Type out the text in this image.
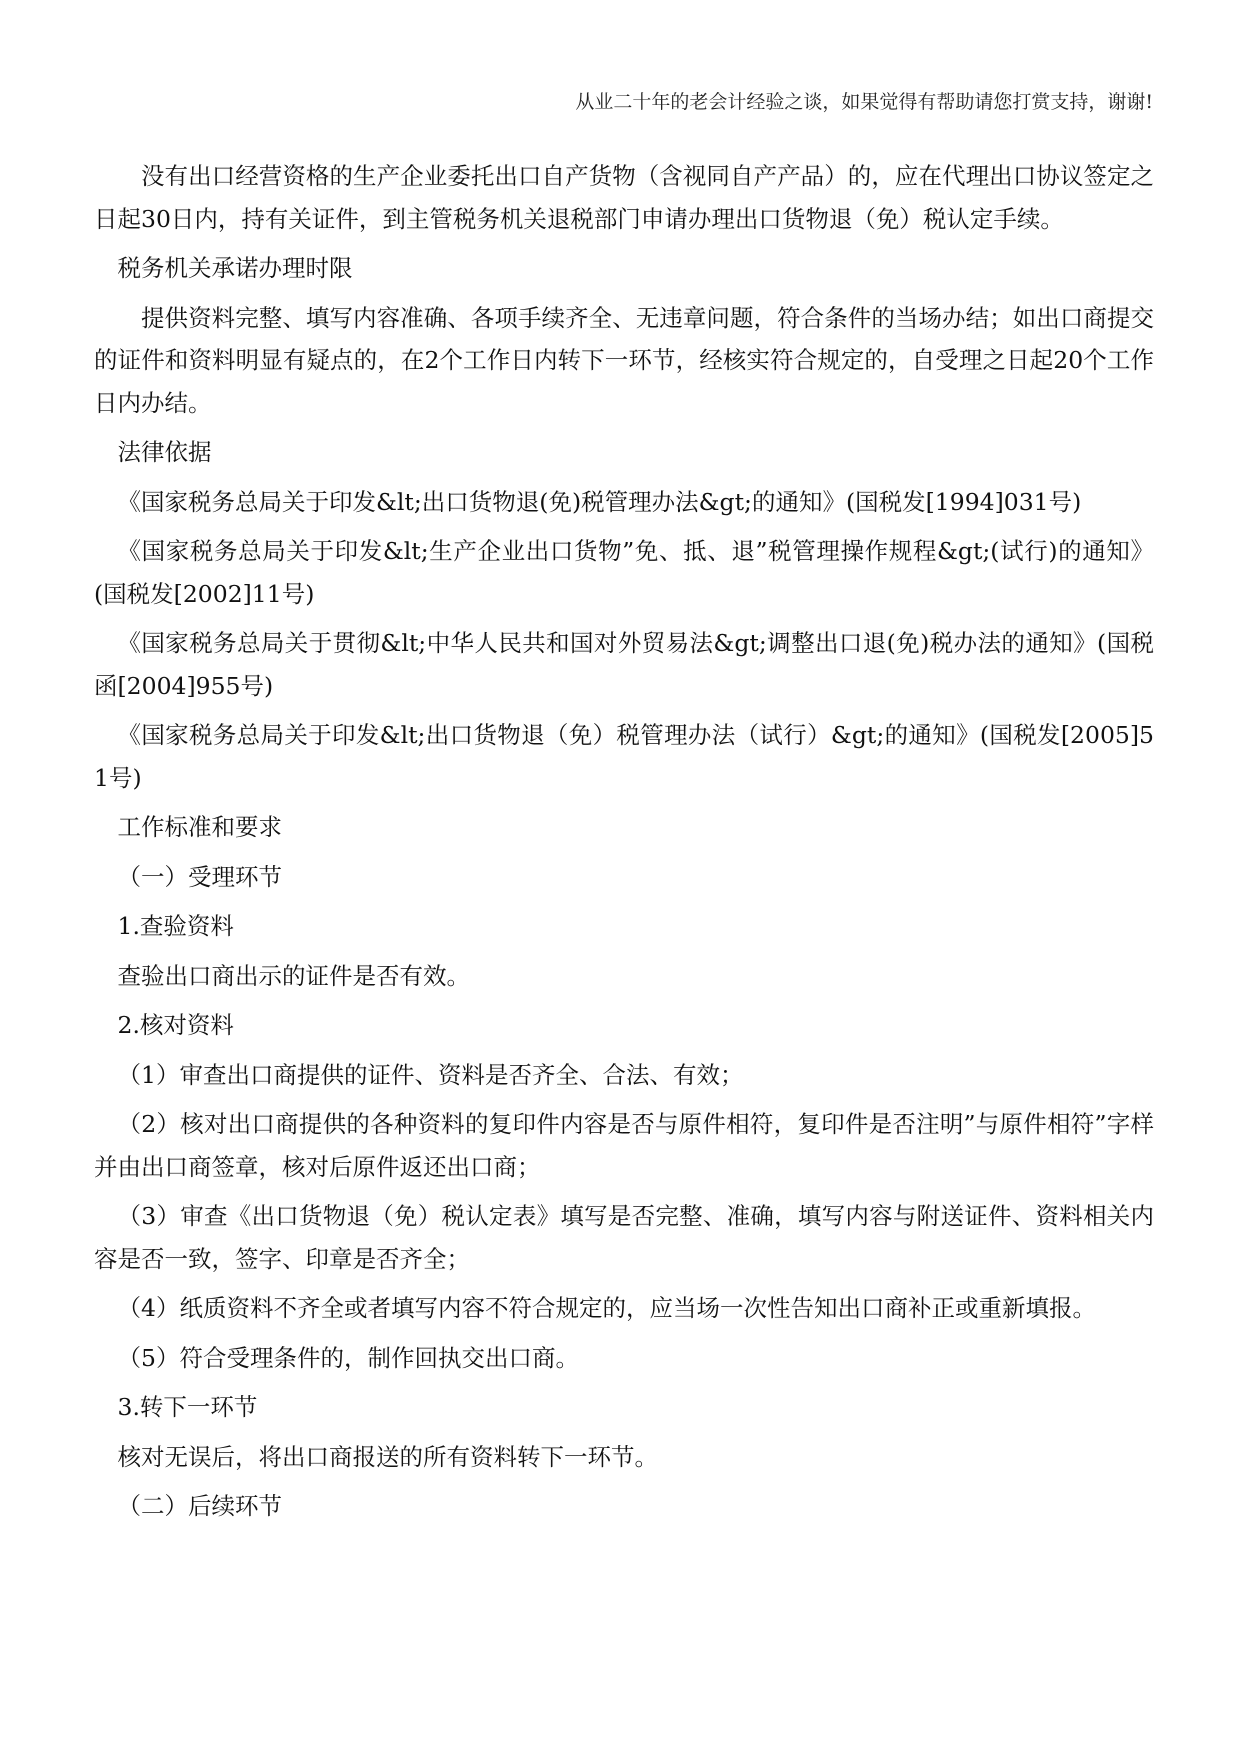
从业二十年的老会计经验之谈，如果觉得有帮助请您打赏支持，谢谢!

没有出口经营资格的生产企业委托出口自产货物（含视同自产产品）的，应在代理出口协议签定之日起30日内，持有关证件，到主管税务机关退税部门申请办理出口货物退（免）税认定手续。

税务机关承诺办理时限

提供资料完整、填写内容准确、各项手续齐全、无违章问题，符合条件的当场办结；如出口商提交的证件和资料明显有疑点的，在2个工作日内转下一环节，经核实符合规定的，自受理之日起20个工作日内办结。

法律依据

《国家税务总局关于印发&lt;出口货物退(免)税管理办法&gt;的通知》(国税发[1994]031号)

《国家税务总局关于印发&lt;生产企业出口货物”免、抵、退”税管理操作规程&gt;(试行)的通知》(国税发[2002]11号)

《国家税务总局关于贯彻&lt;中华人民共和国对外贸易法&gt;调整出口退(免)税办法的通知》(国税函[2004]955号)

《国家税务总局关于印发&lt;出口货物退（免）税管理办法（试行）&gt;的通知》(国税发[2005]51号)

工作标准和要求

（一）受理环节

1.查验资料

查验出口商出示的证件是否有效。

2.核对资料

（1）审查出口商提供的证件、资料是否齐全、合法、有效；

（2）核对出口商提供的各种资料的复印件内容是否与原件相符，复印件是否注明”与原件相符”字样并由出口商签章，核对后原件返还出口商；

（3）审查《出口货物退（免）税认定表》填写是否完整、准确，填写内容与附送证件、资料相关内容是否一致，签字、印章是否齐全；

（4）纸质资料不齐全或者填写内容不符合规定的，应当场一次性告知出口商补正或重新填报。

（5）符合受理条件的，制作回执交出口商。

3.转下一环节

核对无误后，将出口商报送的所有资料转下一环节。

（二）后续环节
